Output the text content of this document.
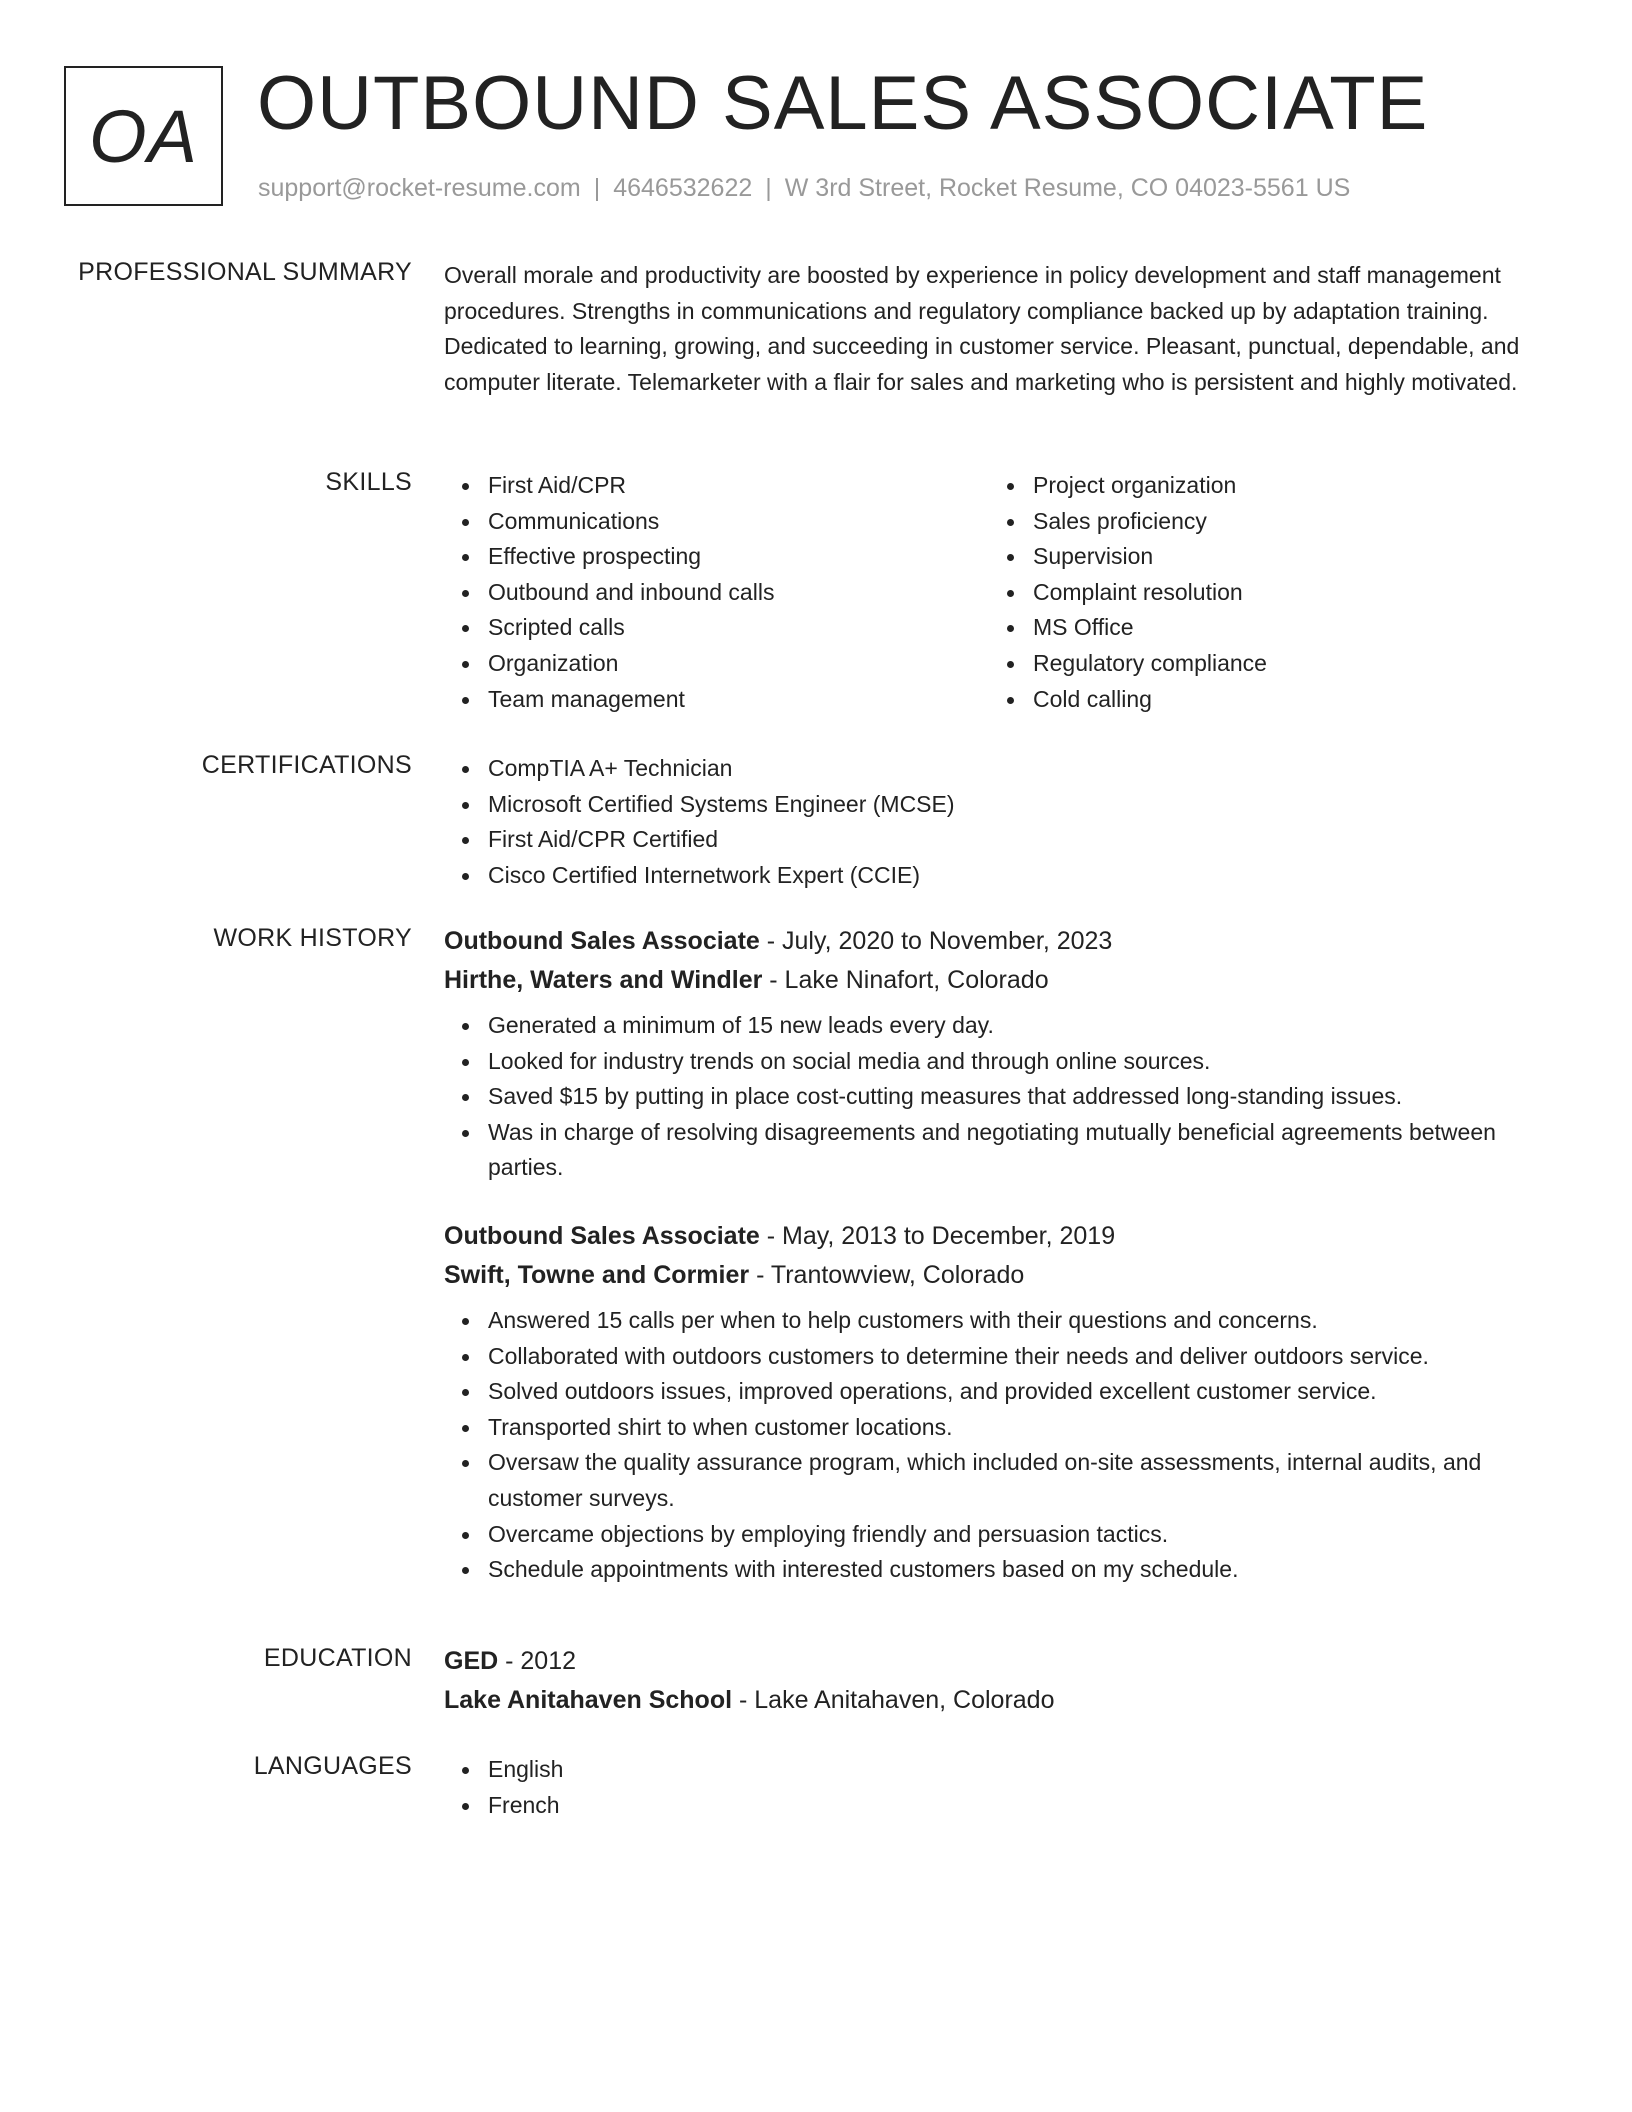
OA OUTBOUND SALES ASSOCIATE
support@rocket-resume.com | 4646532622 | W 3rd Street, Rocket Resume, CO 04023-5561 US
PROFESSIONAL SUMMARY Overall morale and productivity are boosted by experience in policy development and staff management procedures. Strengths in communications and regulatory compliance backed up by adaptation training. Dedicated to learning, growing, and succeeding in customer service. Pleasant, punctual, dependable, and computer literate. Telemarketer with a flair for sales and marketing who is persistent and highly motivated.

SKILLS	First Aid/CPR
Communications
Effective prospecting
Outbound and inbound calls
Scripted calls
Organization
Team management
Project organization
Sales proficiency
Supervision
Complaint resolution
MS Office
Regulatory compliance
Cold calling
CERTIFICATIONS	CompTIA A+ Technician
Microsoft Certified Systems Engineer (MCSE)
First Aid/CPR Certified
Cisco Certified Internetwork Expert (CCIE)
WORK HISTORY Outbound Sales Associate - July, 2020 to November, 2023
Hirthe, Waters and Windler - Lake Ninafort, Colorado
Generated a minimum of 15 new leads every day.
Looked for industry trends on social media and through online sources.
Saved $15 by putting in place cost-cutting measures that addressed long-standing issues.
Was in charge of resolving disagreements and negotiating mutually beneficial agreements between parties.
Outbound Sales Associate - May, 2013 to December, 2019
Swift, Towne and Cormier - Trantowview, Colorado
Answered 15 calls per when to help customers with their questions and concerns.
Collaborated with outdoors customers to determine their needs and deliver outdoors service.
Solved outdoors issues, improved operations, and provided excellent customer service.
Transported shirt to when customer locations.
Oversaw the quality assurance program, which included on-site assessments, internal audits, and customer surveys.
Overcame objections by employing friendly and persuasion tactics.
Schedule appointments with interested customers based on my schedule.
EDUCATION GED - 2012
Lake Anitahaven School - Lake Anitahaven, Colorado
LANGUAGES	English
French
